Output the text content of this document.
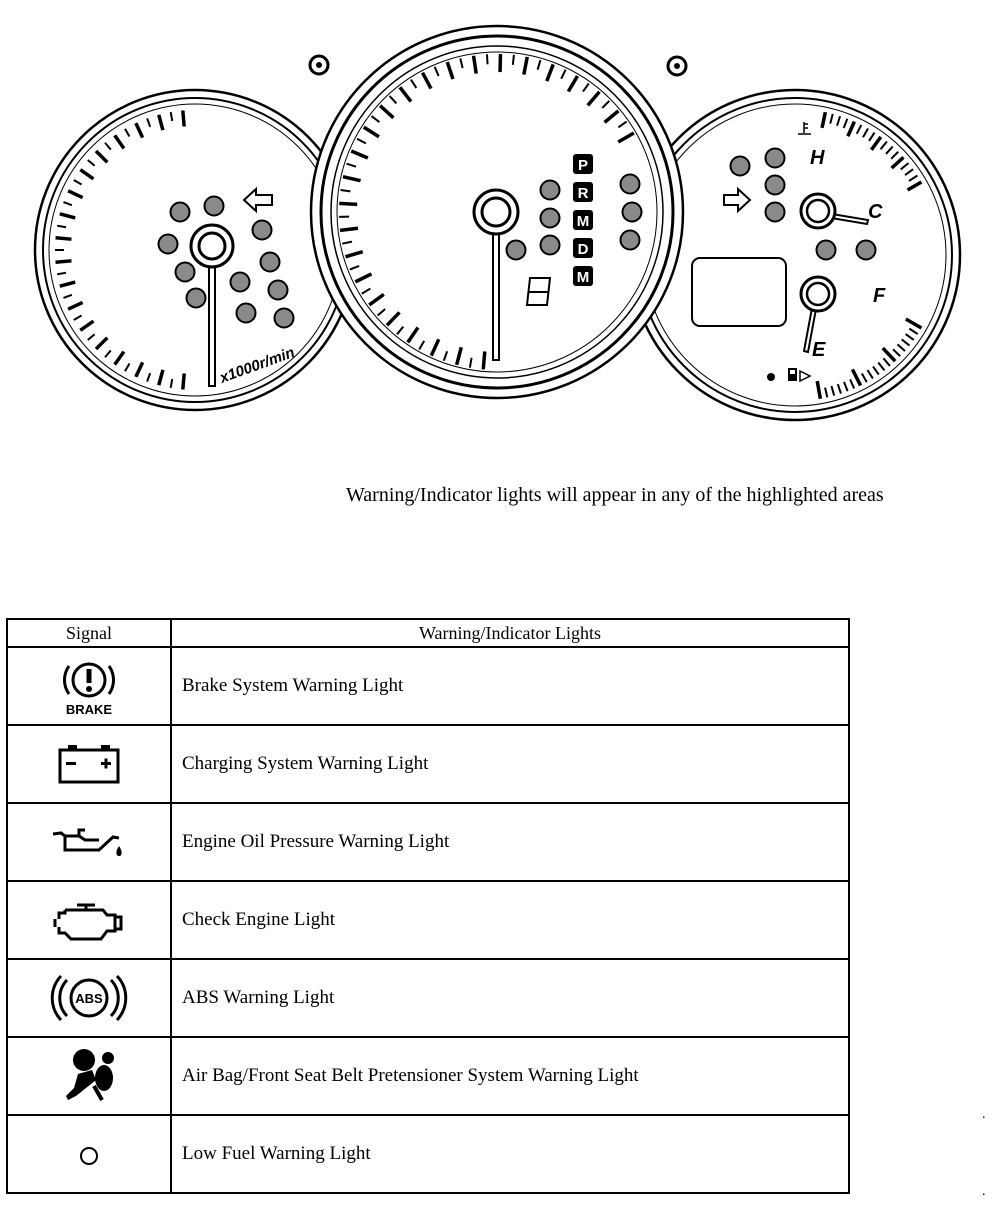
x1000r/min
P
R
M
D
M
H
C
F
E
Warning/Indicator lights will appear in any of the highlighted areas
Signal	Warning/Indicator Lights

BRAKE	Brake System Warning Light

	Charging System Warning Light

	Engine Oil Pressure Warning Light

	Check Engine Light

ABS	ABS Warning Light

	Air Bag/Front Seat Belt Pretensioner System Warning Light

	Low Fuel Warning Light
.
.
